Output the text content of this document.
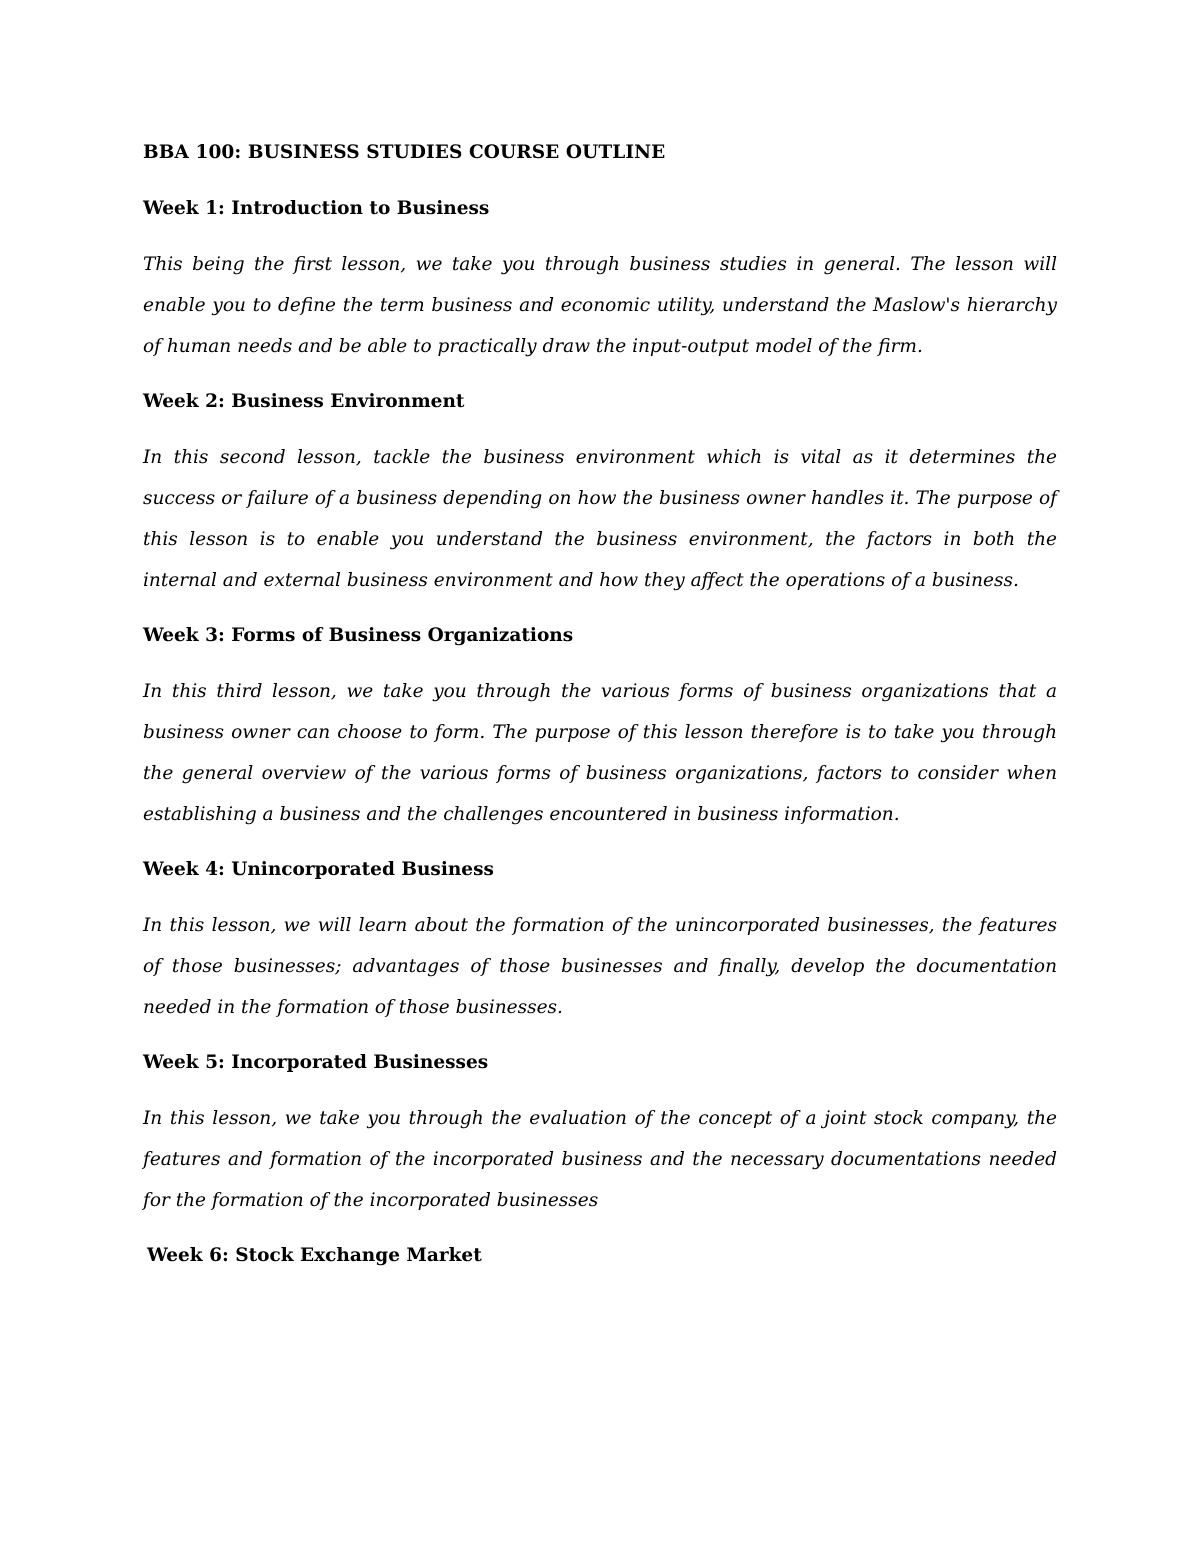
BBA 100: BUSINESS STUDIES COURSE OUTLINE
Week 1: Introduction to Business
This being the first lesson, we take you through business studies in general. The lesson will enable you to define the term business and economic utility, understand the Maslow's hierarchy of human needs and be able to practically draw the input-output model of the firm.
Week 2: Business Environment
In this second lesson, tackle the business environment which is vital as it determines the success or failure of a business depending on how the business owner handles it. The purpose of this lesson is to enable you understand the business environment, the factors in both the internal and external business environment and how they affect the operations of a business.
Week 3: Forms of Business Organizations
In this third lesson, we take you through the various forms of business organizations that a business owner can choose to form. The purpose of this lesson therefore is to take you through the general overview of the various forms of business organizations, factors to consider when establishing a business and the challenges encountered in business information.
Week 4: Unincorporated Business
In this lesson, we will learn about the formation of the unincorporated businesses, the features of those businesses; advantages of those businesses and finally, develop the documentation needed in the formation of those businesses.
Week 5: Incorporated Businesses
In this lesson, we take you through the evaluation of the concept of a joint stock company, the features and formation of the incorporated business and the necessary documentations needed for the formation of the incorporated businesses
Week 6: Stock Exchange Market
